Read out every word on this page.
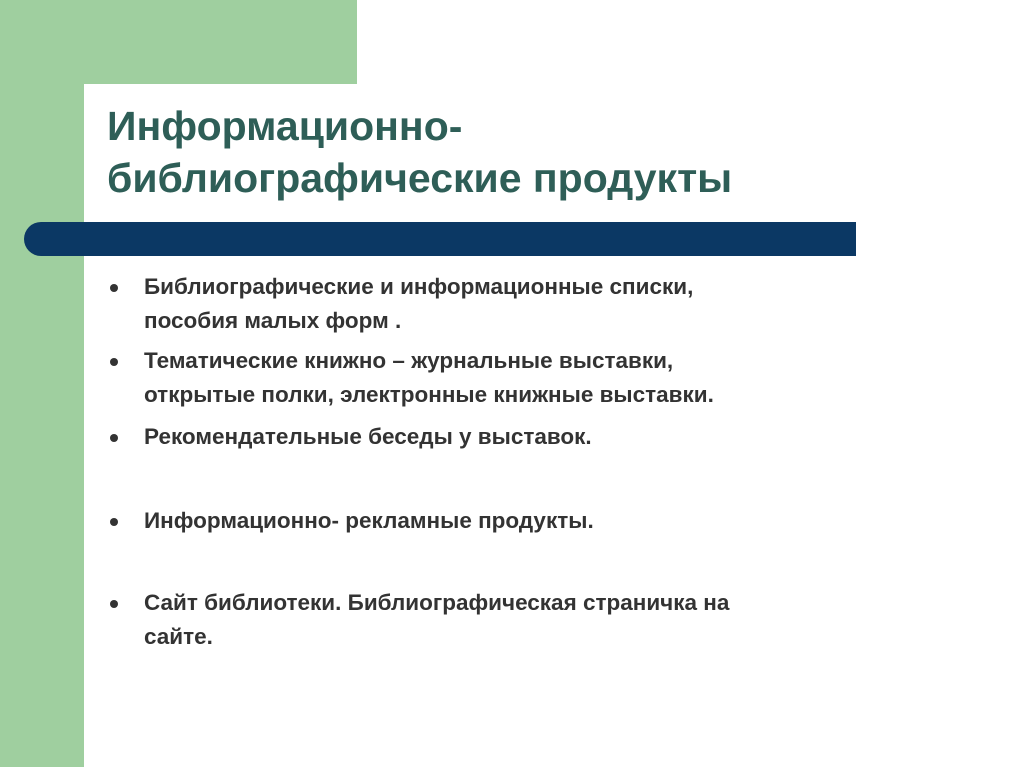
Информационно-
библиографические продукты
Библиографические и информационные списки,
пособия малых форм .
Тематические книжно – журнальные выставки,
открытые полки, электронные книжные выставки.
Рекомендательные беседы у выставок.
Информационно- рекламные продукты.
Сайт библиотеки. Библиографическая страничка на
сайте.
